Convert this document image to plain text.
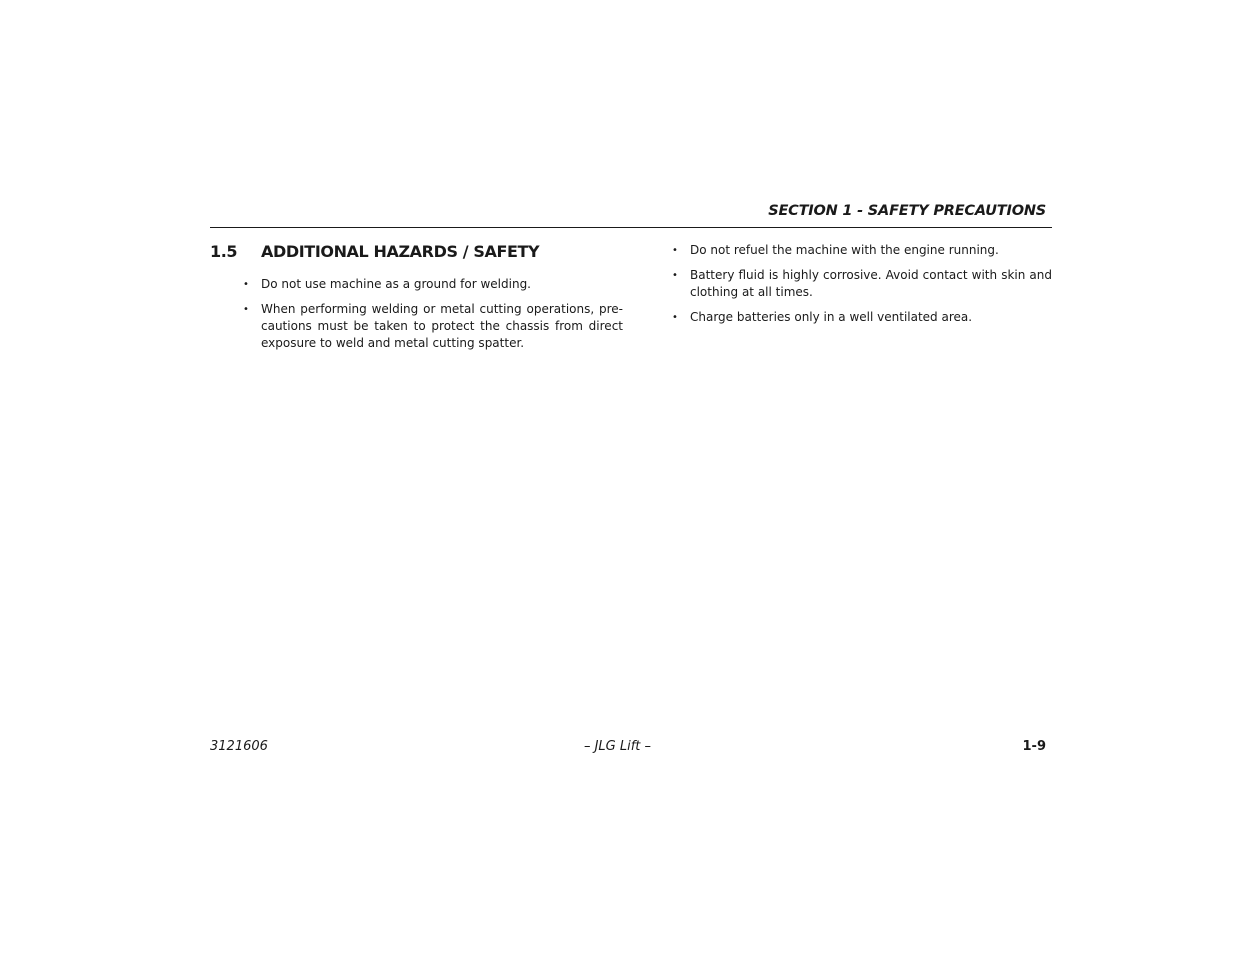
SECTION 1 - SAFETY PRECAUTIONS
1.5 ADDITIONAL HAZARDS / SAFETY
• Do not use machine as a ground for welding.
• When performing welding or metal cutting operations, pre-cautions must be taken to protect the chassis from direct exposure to weld and metal cutting spatter.
• Do not refuel the machine with the engine running.
• Battery fluid is highly corrosive. Avoid contact with skin and clothing at all times.
• Charge batteries only in a well ventilated area.
3121606	– JLG Lift –	1-9
